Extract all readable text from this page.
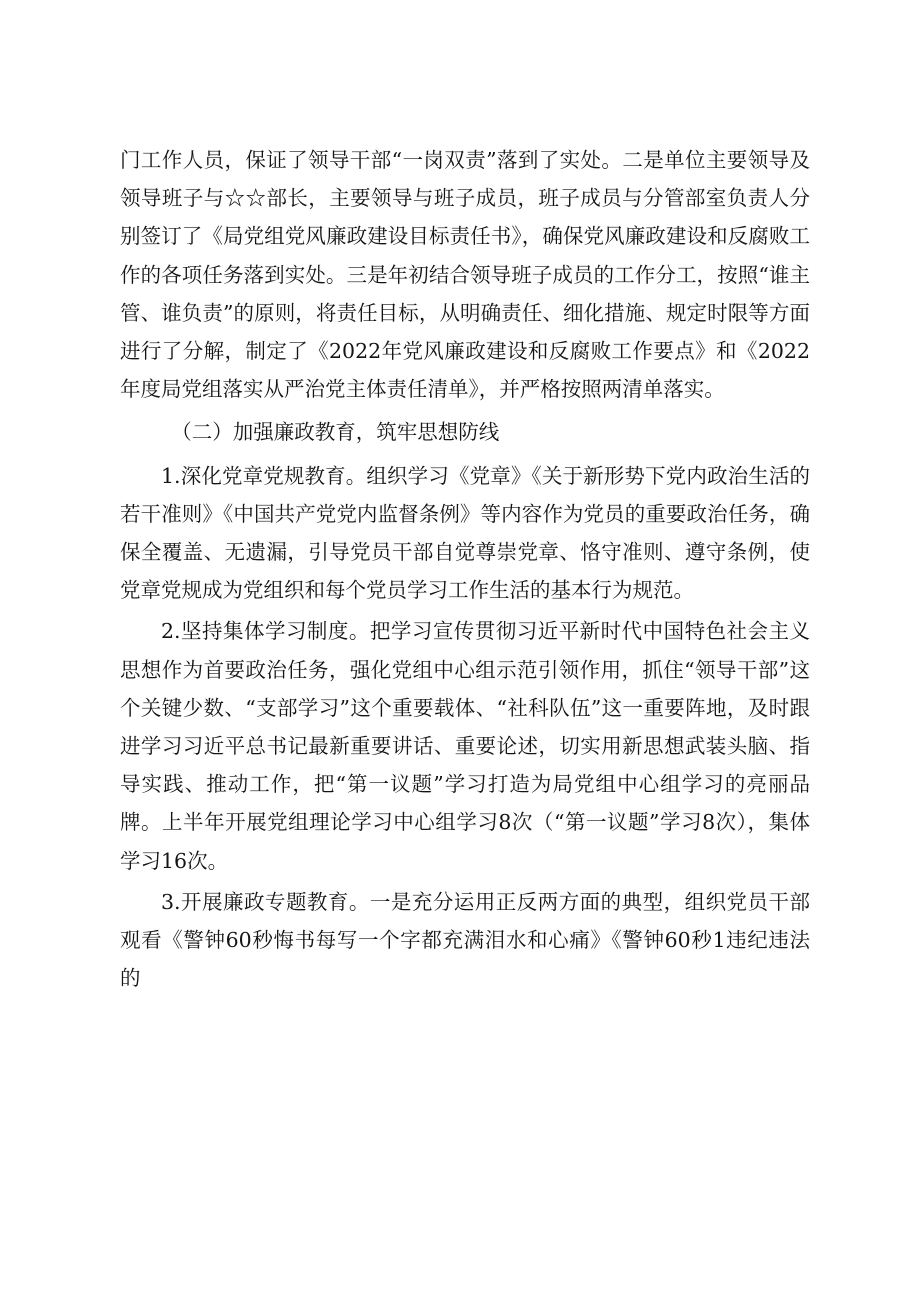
门工作人员，保证了领导干部“一岗双责”落到了实处。二是单位主要领导及领导班子与☆☆部长，主要领导与班子成员，班子成员与分管部室负责人分别签订了《局党组党风廉政建设目标责任书》，确保党风廉政建设和反腐败工作的各项任务落到实处。三是年初结合领导班子成员的工作分工，按照“谁主管、谁负责”的原则，将责任目标，从明确责任、细化措施、规定时限等方面进行了分解，制定了《2022年党风廉政建设和反腐败工作要点》和《2022年度局党组落实从严治党主体责任清单》，并严格按照两清单落实。

（二）加强廉政教育，筑牢思想防线

1.深化党章党规教育。组织学习《党章》《关于新形势下党内政治生活的若干准则》《中国共产党党内监督条例》等内容作为党员的重要政治任务，确保全覆盖、无遗漏，引导党员干部自觉尊崇党章、恪守准则、遵守条例，使党章党规成为党组织和每个党员学习工作生活的基本行为规范。

2.坚持集体学习制度。把学习宣传贯彻习近平新时代中国特色社会主义思想作为首要政治任务，强化党组中心组示范引领作用，抓住“领导干部”这个关键少数、“支部学习”这个重要载体、“社科队伍”这一重要阵地，及时跟进学习习近平总书记最新重要讲话、重要论述，切实用新思想武装头脑、指导实践、推动工作，把“第一议题”学习打造为局党组中心组学习的亮丽品牌。上半年开展党组理论学习中心组学习8次（“第一议题”学习8次），集体学习16次。

3.开展廉政专题教育。一是充分运用正反两方面的典型，组织党员干部观看《警钟60秒悔书每写一个字都充满泪水和心痛》《警钟60秒1违纪违法的
